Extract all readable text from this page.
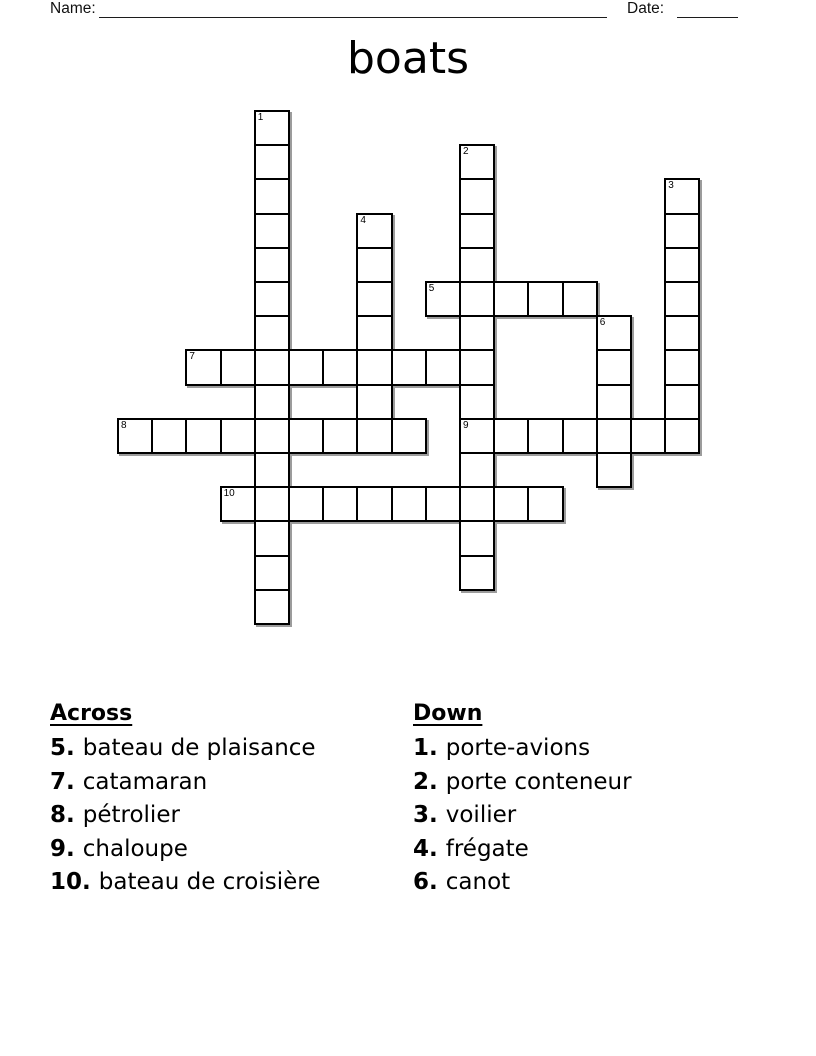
Name:	Date:
boats
1
2
9
3
4
5
6
7
8
10
Across
5. bateau de plaisance
7. catamaran
8. pétrolier
9. chaloupe
10. bateau de croisière
Down
1. porte-avions
2. porte conteneur
3. voilier
4. frégate
6. canot
